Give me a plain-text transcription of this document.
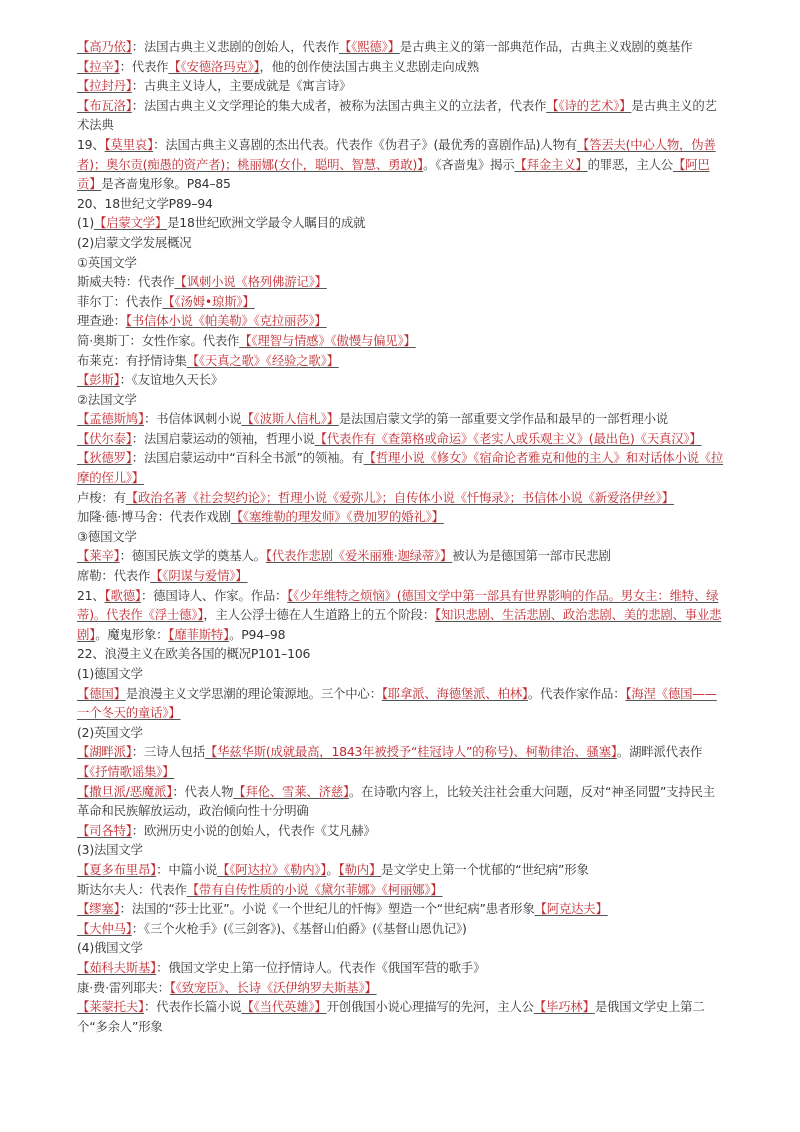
【高乃依】：法国古典主义悲剧的创始人，代表作【《熙德》】是古典主义的第一部典范作品，古典主义戏剧的奠基作
【拉辛】：代表作【《安德洛玛克》】，他的创作使法国古典主义悲剧走向成熟
【拉封丹】：古典主义诗人，主要成就是《寓言诗》
【布瓦洛】：法国古典主义文学理论的集大成者，被称为法国古典主义的立法者，代表作【《诗的艺术》】是古典主义的艺术法典
19、【莫里哀】：法国古典主义喜剧的杰出代表。代表作《伪君子》(最优秀的喜剧作品)人物有【答丟夫(中心人物，伪善者)；奥尔贡(痴愚的资产者)；桃丽娜(女仆，聪明、智慧、勇敢)】。《吝啬鬼》揭示【拜金主义】的罪恶，主人公【阿巴贡】是吝啬鬼形象。P84–85
20、18世纪文学P89–94
(1)【启蒙文学】是18世纪欧洲文学最令人瞩目的成就
(2)启蒙文学发展概况
①英国文学
斯威夫特：代表作【讽刺小说《格列佛游记》】
菲尔丁：代表作【《汤姆•琼斯》】
理查逊：【书信体小说《帕美勒》《克拉丽莎》】
简·奥斯丁：女性作家。代表作【《理智与情感》《傲慢与偏见》】
布莱克：有抒情诗集【《天真之歌》《经验之歌》】
【彭斯】：《友谊地久天长》
②法国文学
【孟德斯鸠】：书信体讽刺小说【《波斯人信札》】是法国启蒙文学的第一部重要文学作品和最早的一部哲理小说
【伏尔泰】：法国启蒙运动的领袖，哲理小说【代表作有《查第格或命运》《老实人或乐观主义》(最出色)《天真汉》】
【狄德罗】：法国启蒙运动中“百科全书派”的领袖。有【哲理小说《修女》《宿命论者雅克和他的主人》和对话体小说《拉摩的侄儿》】
卢梭：有【政治名著《社会契约论》；哲理小说《爱弥儿》；自传体小说《忏悔录》；书信体小说《新爱洛伊丝》】
加隆·德·博马舍：代表作戏剧【《塞维勒的理发师》《费加罗的婚礼》】
③德国文学
【莱辛】：德国民族文学的奠基人。【代表作悲剧《爱米丽雅·迦绿蒂》】被认为是德国第一部市民悲剧
席勒：代表作【《阴谋与爱情》】
21、【歌德】：德国诗人、作家。作品：【《少年维特之烦恼》(德国文学中第一部具有世界影响的作品。男女主：维特、绿蒂)。代表作《浮士德》】，主人公浮士德在人生道路上的五个阶段：【知识悲剧、生活悲剧、政治悲剧、美的悲剧、事业悲剧】。魔鬼形象：【靡菲斯特】。P94–98
22、浪漫主义在欧美各国的概况P101–106
(1)德国文学
【德国】是浪漫主义文学思潮的理论策源地。三个中心：【耶拿派、海德堡派、柏林】。代表作家作品：【海涅《德国——一个冬天的童话》】
(2)英国文学
【湖畔派】：三诗人包括【华兹华斯(成就最高，1843年被授予“桂冠诗人”的称号)、柯勒律治、骚塞】。湖畔派代表作【《抒情歌谣集》】
【撒旦派/恶魔派】：代表人物【拜伦、雪莱、济慈】。在诗歌内容上，比较关注社会重大问题，反对“神圣同盟”支持民主革命和民族解放运动，政治倾向性十分明确
【司各特】：欧洲历史小说的创始人，代表作《艾凡赫》
(3)法国文学
【夏多布里昂】：中篇小说【《阿达拉》《勒内》】。【勒内】是文学史上第一个忧郁的“世纪病”形象
斯达尔夫人：代表作【带有自传性质的小说《黛尔菲娜》《柯丽娜》】
【缪塞】：法国的“莎士比亚”。小说《一个世纪儿的忏悔》塑造一个“世纪病”患者形象【阿克达夫】
【大仲马】：《三个火枪手》(《三剑客》)、《基督山伯爵》(《基督山恩仇记》)
(4)俄国文学
【茹科夫斯基】：俄国文学史上第一位抒情诗人。代表作《俄国军营的歌手》
康·费·雷列耶夫：【《致宠臣》、长诗《沃伊纳罗夫斯基》】
【莱蒙托夫】：代表作长篇小说【《当代英雄》】开创俄国小说心理描写的先河，主人公【毕巧林】是俄国文学史上第二个“多余人”形象
